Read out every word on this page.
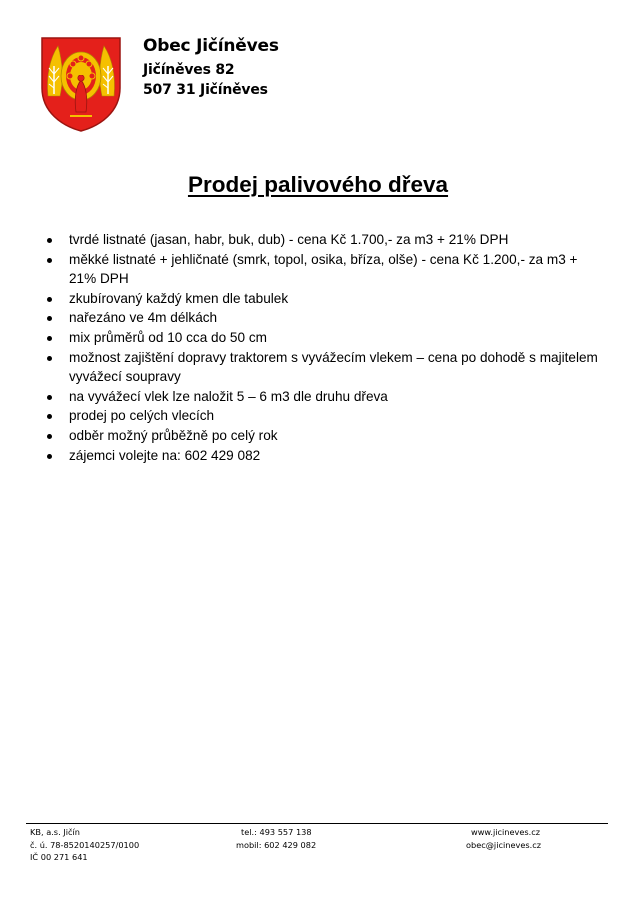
Obec Jičíněves
Jičíněves 82
507 31 Jičíněves
Prodej palivového dřeva
tvrdé listnaté (jasan, habr, buk, dub) - cena Kč 1.700,- za m3 + 21% DPH
měkké listnaté + jehličnaté (smrk, topol, osika, bříza, olše) - cena Kč 1.200,- za m3 + 21% DPH
zkubírovaný každý kmen dle tabulek
nařezáno ve 4m délkách
mix průměrů od 10 cca do 50 cm
možnost zajištění dopravy traktorem s vyvážecím vlekem – cena po dohodě s majitelem vyvážecí soupravy
na vyvážecí vlek lze naložit 5 – 6 m3 dle druhu dřeva
prodej po celých vlecích
odběr možný průběžně po celý rok
zájemci volejte na: 602 429 082
KB, a.s. Jičín
č. ú. 78-8520140257/0100
IČ 00 271 641
tel.: 493 557 138
mobil: 602 429 082
www.jicineves.cz
obec@jicineves.cz
